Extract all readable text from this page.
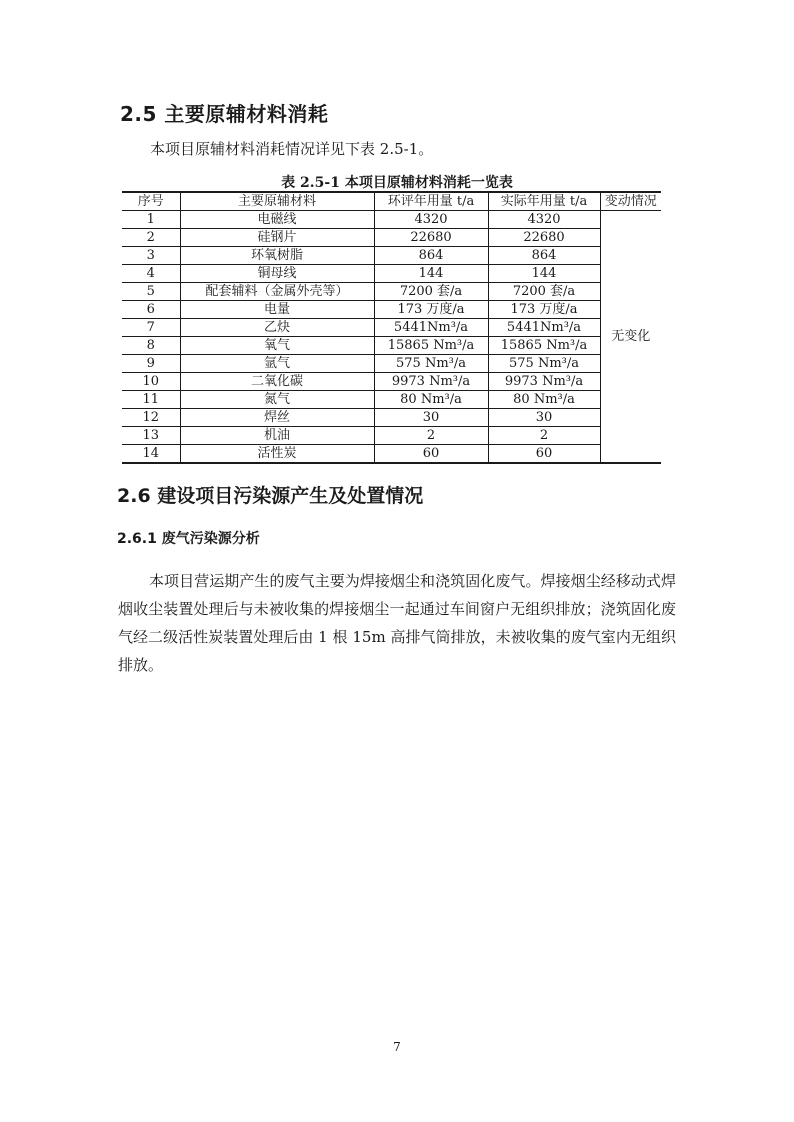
2.5 主要原辅材料消耗

本项目原辅材料消耗情况详见下表 2.5-1。

表 2.5-1 本项目原辅材料消耗一览表

序号	主要原辅材料	环评年用量 t/a	实际年用量 t/a	变动情况
1	电磁线	4320	4320	无变化
2	硅钢片	22680	22680	
3	环氧树脂	864	864	
4	铜母线	144	144	
5	配套辅料（金属外壳等）	7200 套/a	7200 套/a	
6	电量	173 万度/a	173 万度/a	
7	乙炔	5441Nm³/a	5441Nm³/a	
8	氧气	15865 Nm³/a	15865 Nm³/a	
9	氩气	575 Nm³/a	575 Nm³/a	
10	二氧化碳	9973 Nm³/a	9973 Nm³/a	
11	氮气	80 Nm³/a	80 Nm³/a	
12	焊丝	30	30	
13	机油	2	2	
14	活性炭	60	60	
2.6 建设项目污染源产生及处置情况
2.6.1 废气污染源分析

本项目营运期产生的废气主要为焊接烟尘和浇筑固化废气。焊接烟尘经移动式焊烟收尘装置处理后与未被收集的焊接烟尘一起通过车间窗户无组织排放；浇筑固化废气经二级活性炭装置处理后由 1 根 15m 高排气筒排放，未被收集的废气室内无组织排放。

7
